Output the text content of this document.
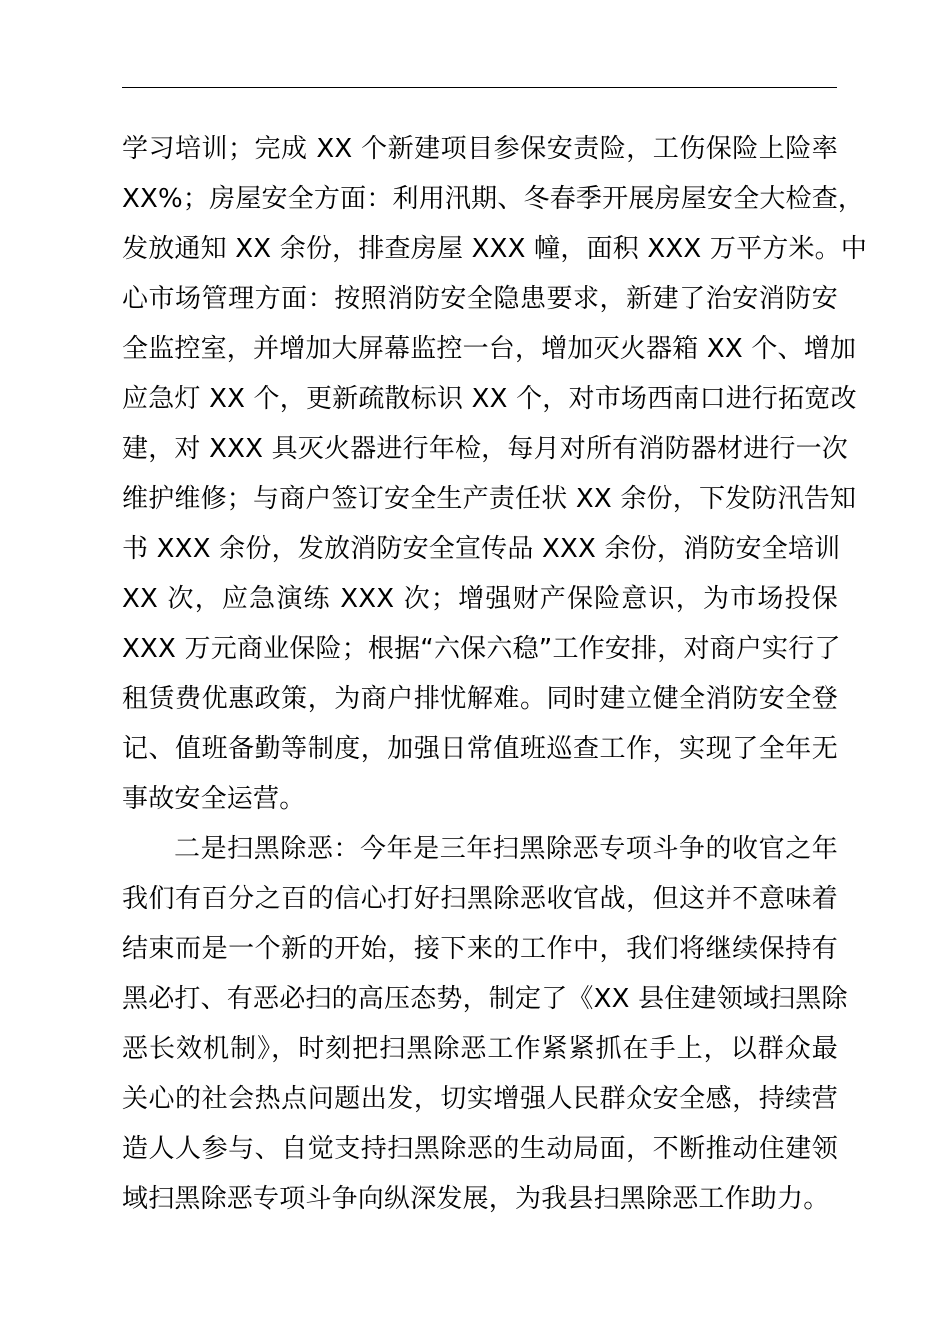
学习培训；完成 XX 个新建项目参保安责险，工伤保险上险率
XX%；房屋安全方面：利用汛期、冬春季开展房屋安全大检查，
发放通知 XX 余份，排查房屋 XXX 幢，面积 XXX 万平方米。中
心市场管理方面：按照消防安全隐患要求，新建了治安消防安
全监控室，并增加大屏幕监控一台，增加灭火器箱 XX 个、增加
应急灯 XX 个，更新疏散标识 XX 个，对市场西南口进行拓宽改
建，对 XXX 具灭火器进行年检，每月对所有消防器材进行一次
维护维修；与商户签订安全生产责任状 XX 余份，下发防汛告知
书 XXX 余份，发放消防安全宣传品 XXX 余份，消防安全培训
XX 次，应急演练 XXX 次；增强财产保险意识，为市场投保
XXX 万元商业保险；根据“六保六稳”工作安排，对商户实行了
租赁费优惠政策，为商户排忧解难。同时建立健全消防安全登
记、值班备勤等制度，加强日常值班巡查工作，实现了全年无
事故安全运营。
二是扫黑除恶：今年是三年扫黑除恶专项斗争的收官之年
我们有百分之百的信心打好扫黑除恶收官战，但这并不意味着
结束而是一个新的开始，接下来的工作中，我们将继续保持有
黑必打、有恶必扫的高压态势，制定了《XX 县住建领域扫黑除
恶长效机制》，时刻把扫黑除恶工作紧紧抓在手上，以群众最
关心的社会热点问题出发，切实增强人民群众安全感，持续营
造人人参与、自觉支持扫黑除恶的生动局面，不断推动住建领
域扫黑除恶专项斗争向纵深发展，为我县扫黑除恶工作助力。
